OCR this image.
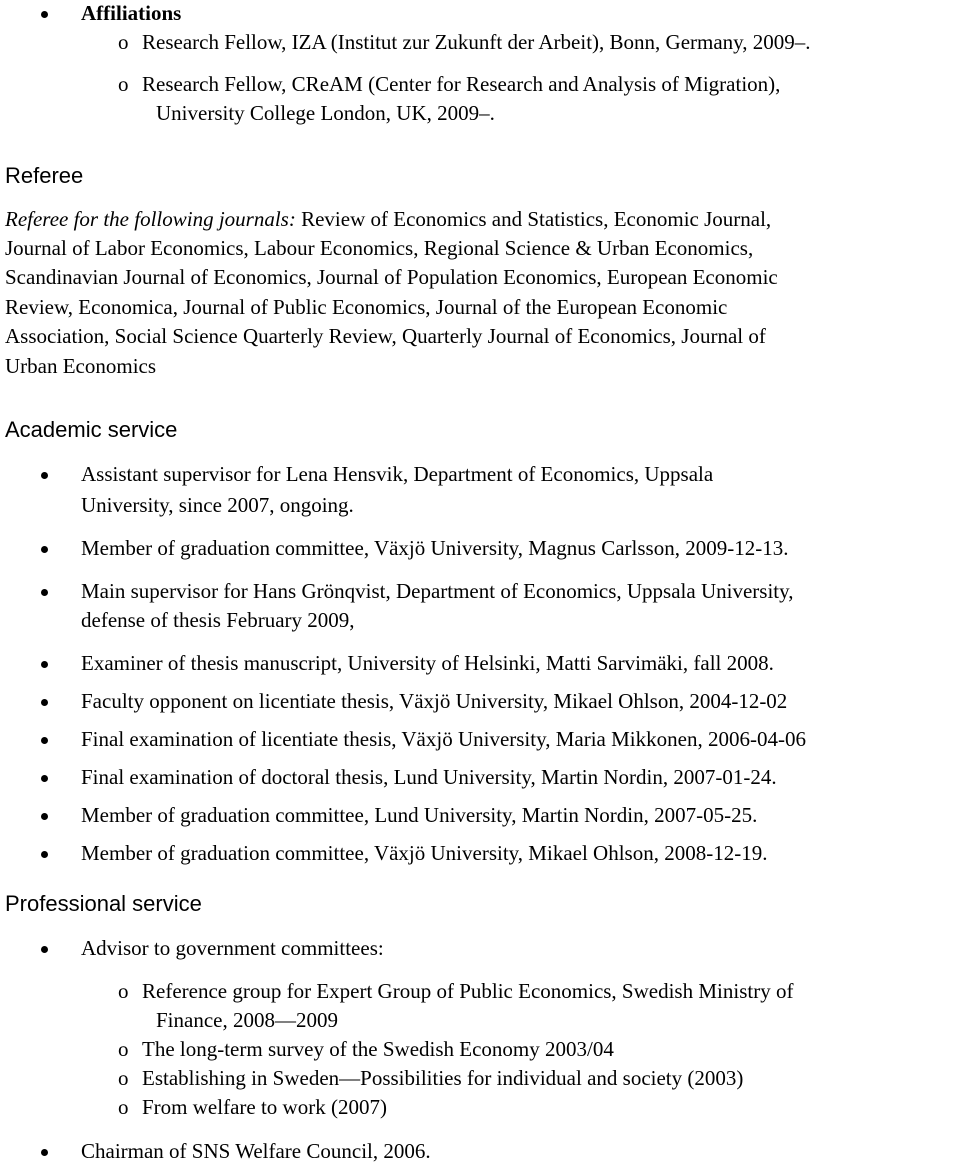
Affiliations
o Research Fellow, IZA (Institut zur Zukunft der Arbeit), Bonn, Germany, 2009–.
o Research Fellow, CReAM (Center for Research and Analysis of Migration),
University College London, UK, 2009–.
Referee
Referee for the following journals: Review of Economics and Statistics, Economic Journal,
Journal of Labor Economics, Labour Economics, Regional Science & Urban Economics,
Scandinavian Journal of Economics, Journal of Population Economics, European Economic
Review, Economica, Journal of Public Economics, Journal of the European Economic
Association, Social Science Quarterly Review, Quarterly Journal of Economics, Journal of
Urban Economics
Academic service
Assistant supervisor for Lena Hensvik, Department of Economics, Uppsala
University, since 2007, ongoing.
Member of graduation committee, Växjö University, Magnus Carlsson, 2009-12-13.
Main supervisor for Hans Grönqvist, Department of Economics, Uppsala University,
defense of thesis February 2009,
Examiner of thesis manuscript, University of Helsinki, Matti Sarvimäki, fall 2008.
Faculty opponent on licentiate thesis, Växjö University, Mikael Ohlson, 2004-12-02
Final examination of licentiate thesis, Växjö University, Maria Mikkonen, 2006-04-06
Final examination of doctoral thesis, Lund University, Martin Nordin, 2007-01-24.
Member of graduation committee, Lund University, Martin Nordin, 2007-05-25.
Member of graduation committee, Växjö University, Mikael Ohlson, 2008-12-19.
Professional service
Advisor to government committees:
o Reference group for Expert Group of Public Economics, Swedish Ministry of
Finance, 2008—2009
o The long-term survey of the Swedish Economy 2003/04
o Establishing in Sweden—Possibilities for individual and society (2003)
o From welfare to work (2007)
Chairman of SNS Welfare Council, 2006.
